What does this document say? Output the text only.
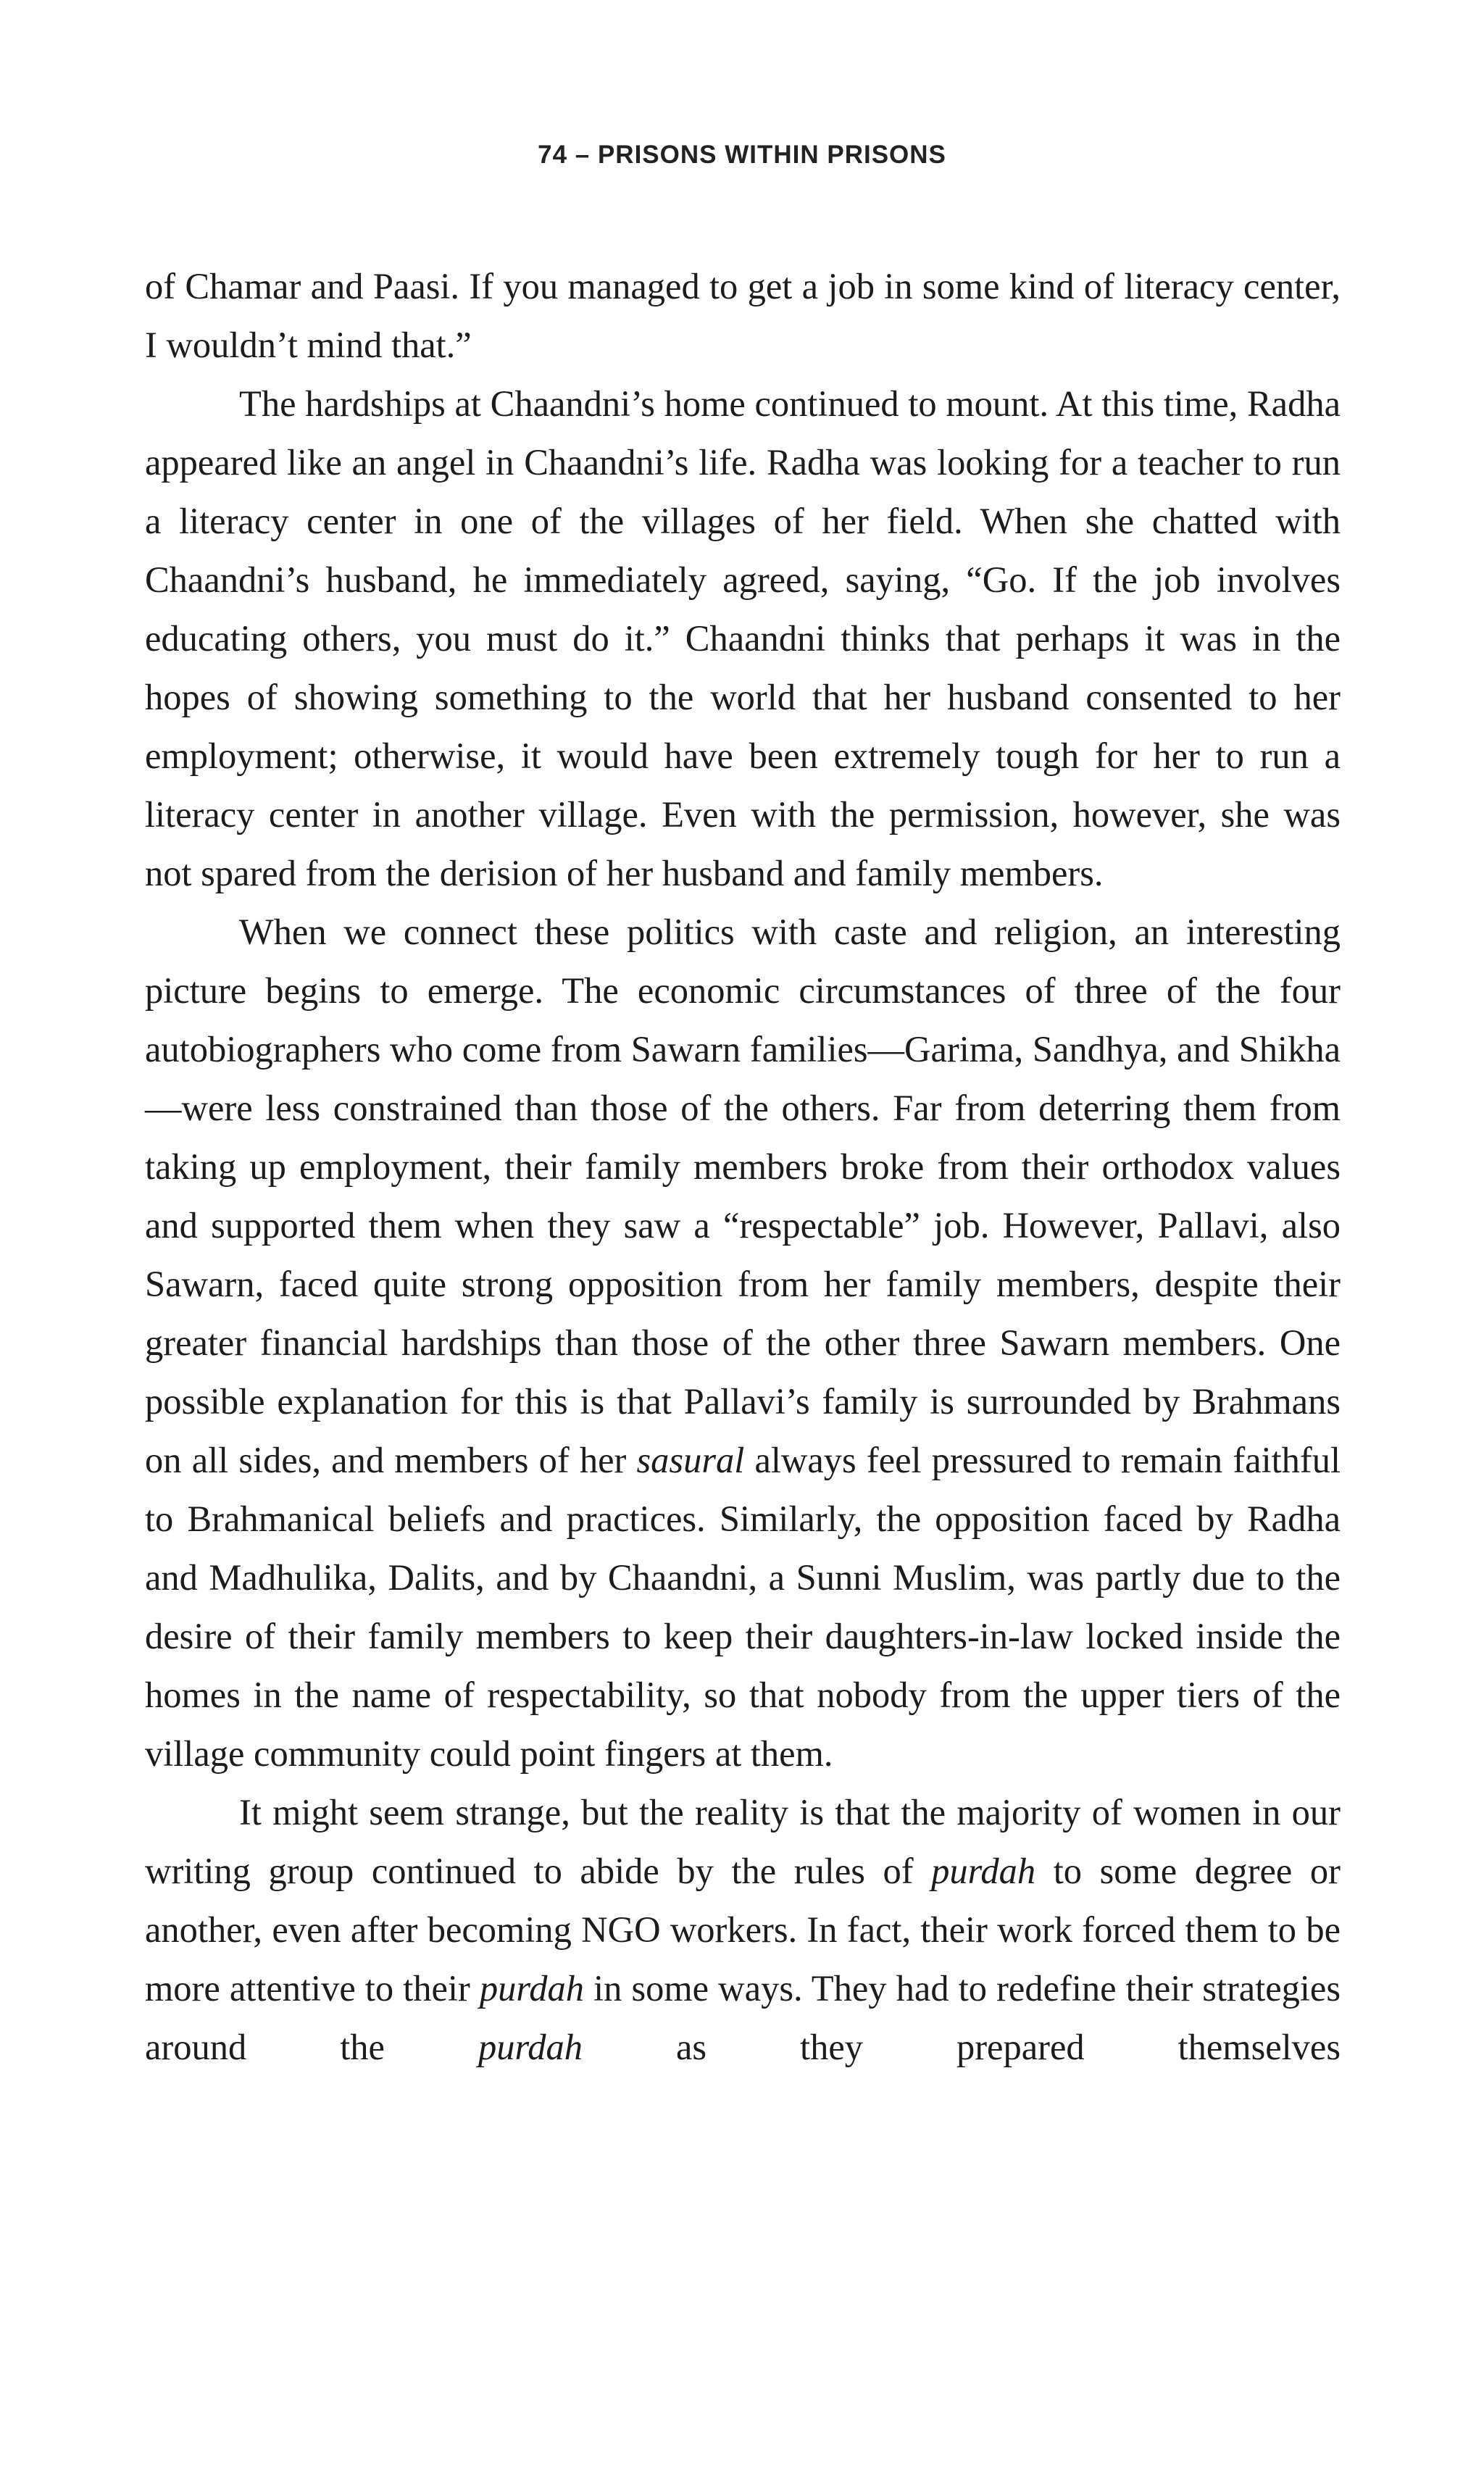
74 – PRISONS WITHIN PRISONS

of Chamar and Paasi. If you managed to get a job in some kind of literacy center, I wouldn’t mind that.”

The hardships at Chaandni’s home continued to mount. At this time, Radha appeared like an angel in Chaandni’s life. Radha was looking for a teacher to run a literacy center in one of the villages of her field. When she chatted with Chaandni’s husband, he immediately agreed, saying, “Go. If the job involves educating others, you must do it.” Chaandni thinks that perhaps it was in the hopes of showing something to the world that her husband consented to her employment; otherwise, it would have been extremely tough for her to run a literacy center in another village. Even with the permission, however, she was not spared from the derision of her husband and family members.

When we connect these politics with caste and religion, an interesting picture begins to emerge. The economic circumstances of three of the four autobiographers who come from Sawarn families—Garima, Sandhya, and Shikha—were less constrained than those of the others. Far from deterring them from taking up employment, their family members broke from their orthodox values and supported them when they saw a “respectable” job. However, Pallavi, also Sawarn, faced quite strong opposition from her family members, despite their greater financial hardships than those of the other three Sawarn members. One possible explanation for this is that Pallavi’s family is surrounded by Brahmans on all sides, and members of her sasural always feel pressured to remain faithful to Brahmanical beliefs and practices. Similarly, the opposition faced by Radha and Madhulika, Dalits, and by Chaandni, a Sunni Muslim, was partly due to the desire of their family members to keep their daughters-in-law locked inside the homes in the name of respectability, so that nobody from the upper tiers of the village community could point fingers at them.

It might seem strange, but the reality is that the majority of women in our writing group continued to abide by the rules of purdah to some degree or another, even after becoming NGO workers. In fact, their work forced them to be more attentive to their purdah in some ways. They had to redefine their strategies around the purdah as they prepared themselves
